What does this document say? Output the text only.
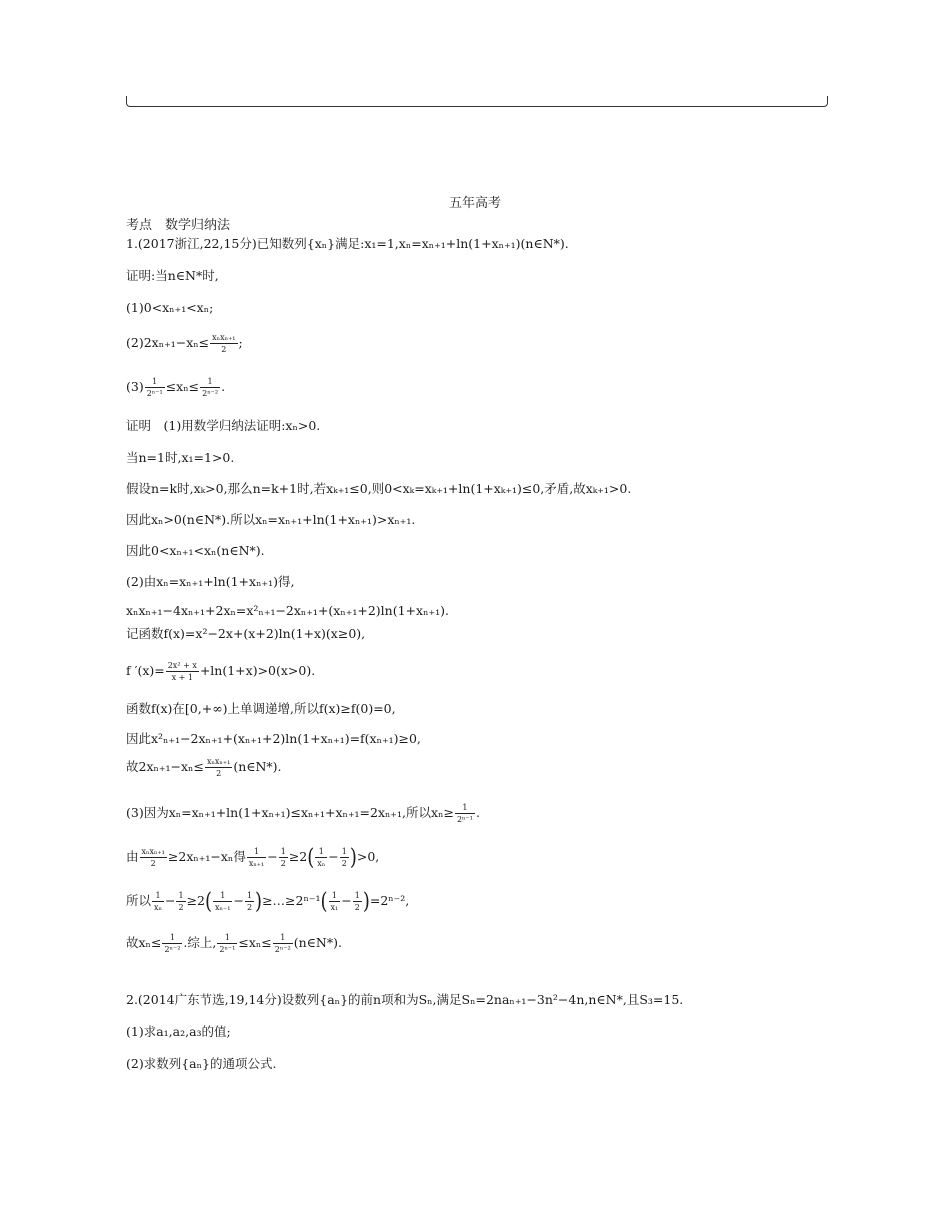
五年高考
考点　数学归纳法
1.(2017浙江,22,15分)已知数列{xₙ}满足:x₁=1,xₙ=xₙ₊₁+ln(1+xₙ₊₁)(n∈N*).
证明:当n∈N*时,
(1)0<xₙ₊₁<xₙ;
(2)2xₙ₊₁−xₙ≤ xₙxₙ₊₁
2 ;
$(3) \frac{1}{\text{2ⁿ⁻¹}} \le x_n\le \frac{1}{\text{2ⁿ⁻²}}$ .
证明　(1)用数学归纳法证明:xₙ>0.
当n=1时,x₁=1>0.
假设n=k时,xₖ>0,那么n=k+1时,若xₖ₊₁≤0,则0<xₖ=xₖ₊₁+ln(1+xₖ₊₁)≤0,矛盾,故xₖ₊₁>0.
因此xₙ>0(n∈N*).所以xₙ=xₙ₊₁+ln(1+xₙ₊₁)>xₙ₊₁.
因此0<xₙ₊₁<xₙ(n∈N*).
(2)由xₙ=xₙ₊₁+ln(1+xₙ₊₁)得,
xₙxₙ₊₁−4xₙ₊₁+2xₙ=x²ₙ₊₁−2xₙ₊₁+(xₙ₊₁+2)ln(1+xₙ₊₁).
记函数f(x)=x²−2x+(x+2)ln(1+x)(x≥0),
f $'(x)= \frac{\text{2x² + x}}{x + 1} +\ln(1+x)>0(x>0)$.
函数f(x)在[0,+∞)上单调递增,所以f(x)≥f(0)=0,
因此x²ₙ₊₁−2xₙ₊₁+(xₙ₊₁+2)ln(1+xₙ₊₁)=f(xₙ₊₁)≥0,
故2xₙ₊₁−xₙ≤ xₙxₙ₊₁
2 (n∈N*).
(3)因为xₙ=xₙ₊₁+ln(1+xₙ₊₁)≤xₙ₊₁+xₙ₊₁=2xₙ₊₁,所以$x_n\ge \frac{1}{\text{2ⁿ⁻¹}}$ .
由 xₙxₙ₊₁
2 ≥2xₙ₊₁−xₙ得 $\frac{1}{\text{xₙ₊₁}} - \frac{1}{2} \ge 2( \frac{1}{\text{xₙ}} - \frac{1}{2} )>0$,
所以 $\frac{1}{\text{xₙ}} - \frac{1}{2} \ge 2( \frac{1}{\text{xₙ₋₁}} - \frac{1}{2}$ )≥…≥2ⁿ⁻¹( $\frac{1}{\text{x₁}} - \frac{1}{2} )=2^{n-2}$,
故$x_n\le \frac{1}{\text{2ⁿ⁻²}}$ .综上, $\frac{1}{\text{2ⁿ⁻¹}} \le x_n\le \frac{1}{\text{2ⁿ⁻²}}$ (n∈N*).
2.(2014广东节选,19,14分)设数列{aₙ}的前n项和为Sₙ,满足Sₙ=2naₙ₊₁−3n²−4n,n∈N*,且S₃=15.
(1)求a₁,a₂,a₃的值;
(2)求数列{aₙ}的通项公式.
